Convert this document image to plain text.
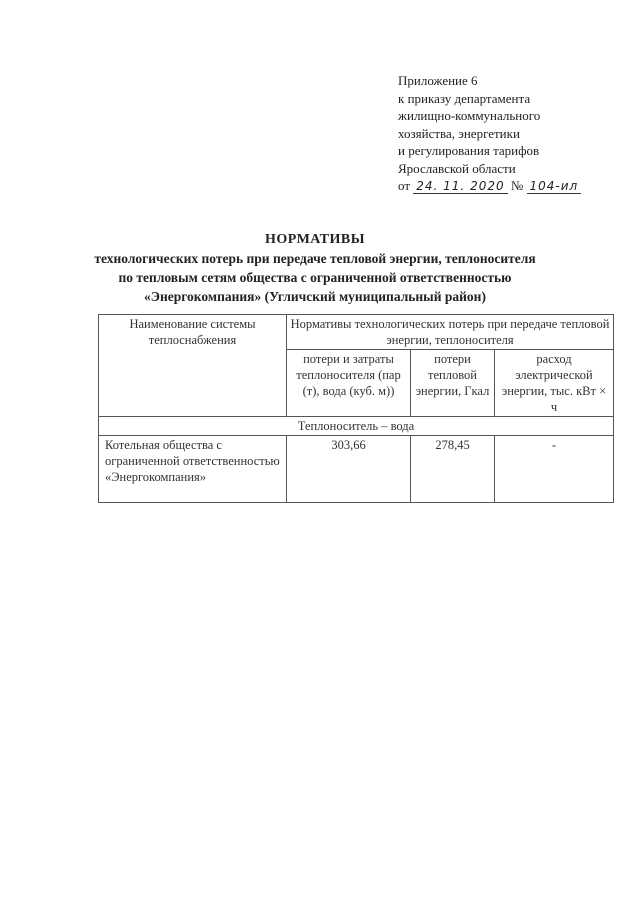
Приложение 6
к приказу департамента
жилищно-коммунального
хозяйства, энергетики
и регулирования тарифов
Ярославской области
от 24. 11. 2020 № 104-ил
НОРМАТИВЫ
технологических потерь при передаче тепловой энергии, теплоносителя
по тепловым сетям общества с ограниченной ответственностью
«Энергокомпания» (Угличский муниципальный район)
Наименование системы теплоснабжения	Нормативы технологических потерь при передаче тепловой энергии, теплоносителя		
	потери и затраты теплоносителя (пар (т), вода (куб. м))	потери тепловой энергии, Гкал	расход электрической энергии, тыс. кВт × ч
Теплоноситель – вода			
Котельная общества с ограниченной ответственностью «Энергокомпания»	303,66	278,45	-
